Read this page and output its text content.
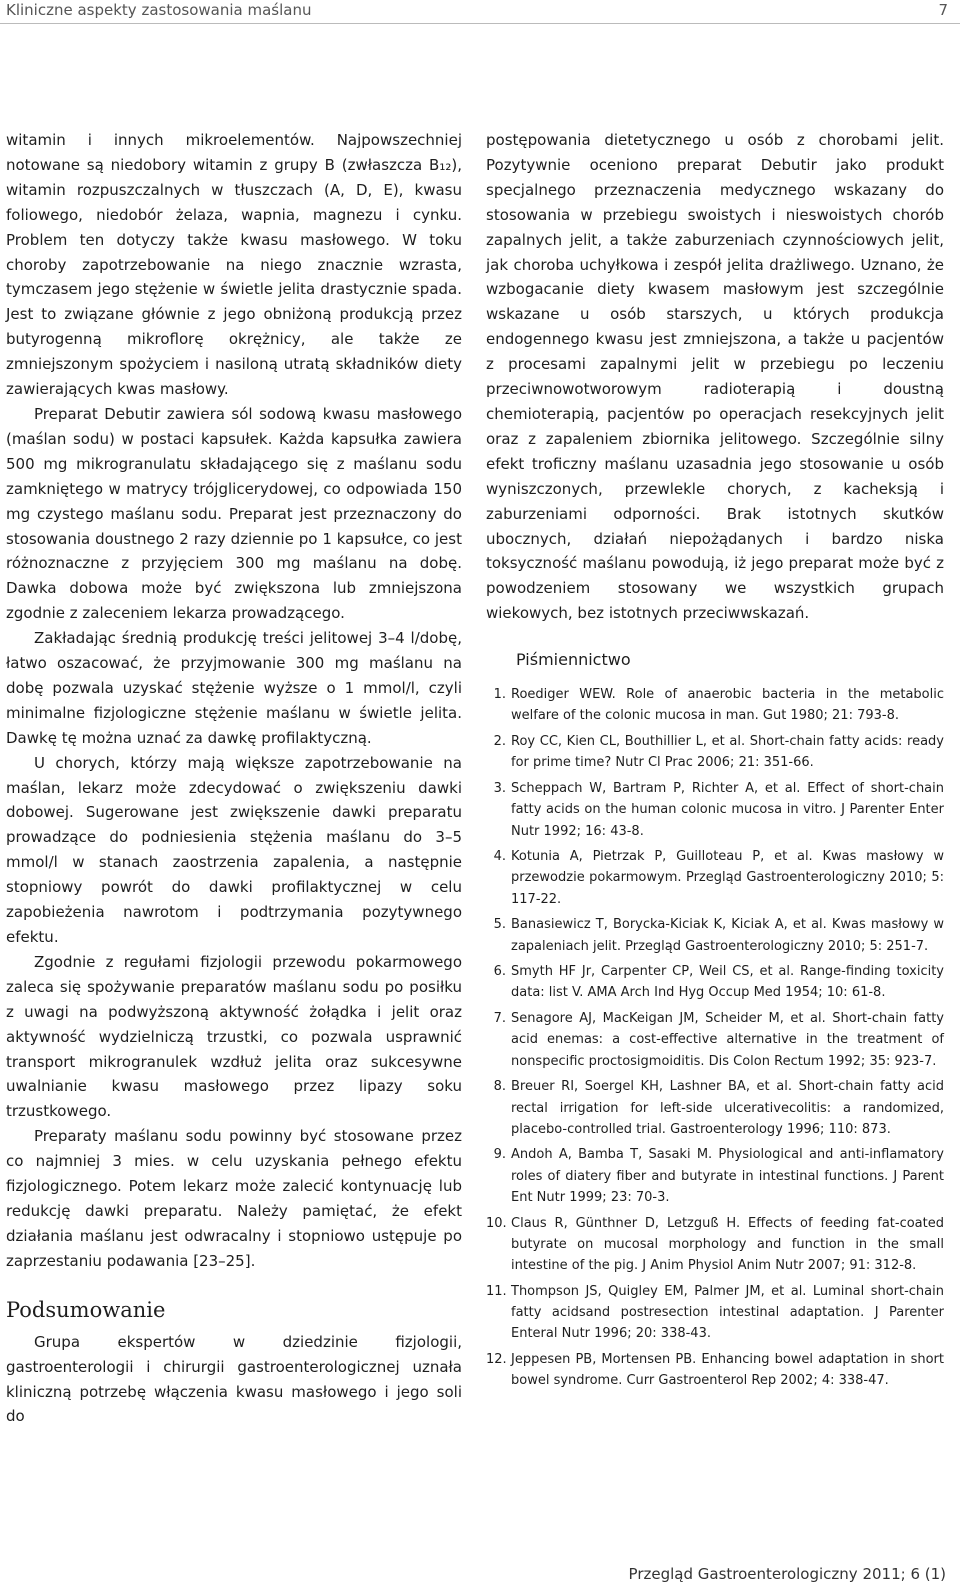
Kliniczne aspekty zastosowania maślanu	7

witamin i innych mikroelementów. Najpowszechniej notowane są niedobory witamin z grupy B (zwłaszcza B₁₂), witamin rozpuszczalnych w tłuszczach (A, D, E), kwasu foliowego, niedobór żelaza, wapnia, magnezu i cynku. Problem ten dotyczy także kwasu masłowego. W toku choroby zapotrzebowanie na niego znacznie wzrasta, tymczasem jego stężenie w świetle jelita drastycznie spada. Jest to związane głównie z jego obniżoną produkcją przez butyrogenną mikroflorę okrężnicy, ale także ze zmniejszonym spożyciem i nasiloną utratą składników diety zawierających kwas masłowy.

Preparat Debutir zawiera sól sodową kwasu masłowego (maślan sodu) w postaci kapsułek. Każda kapsułka zawiera 500 mg mikrogranulatu składającego się z maślanu sodu zamkniętego w matrycy trójglicerydowej, co odpowiada 150 mg czystego maślanu sodu. Preparat jest przeznaczony do stosowania doustnego 2 razy dziennie po 1 kapsułce, co jest różnoznaczne z przyjęciem 300 mg maślanu na dobę. Dawka dobowa może być zwiększona lub zmniejszona zgodnie z zaleceniem lekarza prowadzącego.

Zakładając średnią produkcję treści jelitowej 3–4 l/dobę, łatwo oszacować, że przyjmowanie 300 mg maślanu na dobę pozwala uzyskać stężenie wyższe o 1 mmol/l, czyli minimalne fizjologiczne stężenie maślanu w świetle jelita. Dawkę tę można uznać za dawkę profilaktyczną.

U chorych, którzy mają większe zapotrzebowanie na maślan, lekarz może zdecydować o zwiększeniu dawki dobowej. Sugerowane jest zwiększenie dawki preparatu prowadzące do podniesienia stężenia maślanu do 3–5 mmol/l w stanach zaostrzenia zapalenia, a następnie stopniowy powrót do dawki profilaktycznej w celu zapobieżenia nawrotom i podtrzymania pozytywnego efektu.

Zgodnie z regułami fizjologii przewodu pokarmowego zaleca się spożywanie preparatów maślanu sodu po posiłku z uwagi na podwyższoną aktywność żołądka i jelit oraz aktywność wydzielniczą trzustki, co pozwala usprawnić transport mikrogranulek wzdłuż jelita oraz sukcesywne uwalnianie kwasu masłowego przez lipazy soku trzustkowego.

Preparaty maślanu sodu powinny być stosowane przez co najmniej 3 mies. w celu uzyskania pełnego efektu fizjologicznego. Potem lekarz może zalecić kontynuację lub redukcję dawki preparatu. Należy pamiętać, że efekt działania maślanu jest odwracalny i stopniowo ustępuje po zaprzestaniu podawania [23–25].

Podsumowanie

Grupa ekspertów w dziedzinie fizjologii, gastroenterologii i chirurgii gastroenterologicznej uznała kliniczną potrzebę włączenia kwasu masłowego i jego soli do

postępowania dietetycznego u osób z chorobami jelit. Pozytywnie oceniono preparat Debutir jako produkt specjalnego przeznaczenia medycznego wskazany do stosowania w przebiegu swoistych i nieswoistych chorób zapalnych jelit, a także zaburzeniach czynnościowych jelit, jak choroba uchyłkowa i zespół jelita drażliwego. Uznano, że wzbogacanie diety kwasem masłowym jest szczególnie wskazane u osób starszych, u których produkcja endogennego kwasu jest zmniejszona, a także u pacjentów z procesami zapalnymi jelit w przebiegu po leczeniu przeciwnowotworowym radioterapią i doustną chemioterapią, pacjentów po operacjach resekcyjnych jelit oraz z zapaleniem zbiornika jelitowego. Szczególnie silny efekt troficzny maślanu uzasadnia jego stosowanie u osób wyniszczonych, przewlekle chorych, z kacheksją i zaburzeniami odporności. Brak istotnych skutków ubocznych, działań niepożądanych i bardzo niska toksyczność maślanu powodują, iż jego preparat może być z powodzeniem stosowany we wszystkich grupach wiekowych, bez istotnych przeciwwskazań.

Piśmiennictwo
1. Roediger WEW. Role of anaerobic bacteria in the metabolic welfare of the colonic mucosa in man. Gut 1980; 21: 793-8.
2. Roy CC, Kien CL, Bouthillier L, et al. Short-chain fatty acids: ready for prime time? Nutr Cl Prac 2006; 21: 351-66.
3. Scheppach W, Bartram P, Richter A, et al. Effect of short-chain fatty acids on the human colonic mucosa in vitro. J Parenter Enter Nutr 1992; 16: 43-8.
4. Kotunia A, Pietrzak P, Guilloteau P, et al. Kwas masłowy w przewodzie pokarmowym. Przegląd Gastroenterologiczny 2010; 5: 117-22.
5. Banasiewicz T, Borycka-Kiciak K, Kiciak A, et al. Kwas masłowy w zapaleniach jelit. Przegląd Gastroenterologiczny 2010; 5: 251-7.
6. Smyth HF Jr, Carpenter CP, Weil CS, et al. Range-finding toxicity data: list V. AMA Arch Ind Hyg Occup Med 1954; 10: 61-8.
7. Senagore AJ, MacKeigan JM, Scheider M, et al. Short-chain fatty acid enemas: a cost-effective alternative in the treatment of nonspecific proctosigmoiditis. Dis Colon Rectum 1992; 35: 923-7.
8. Breuer RI, Soergel KH, Lashner BA, et al. Short-chain fatty acid rectal irrigation for left-side ulcerativecolitis: a randomized, placebo-controlled trial. Gastroenterology 1996; 110: 873.
9. Andoh A, Bamba T, Sasaki M. Physiological and anti-inflamatory roles of diatery fiber and butyrate in intestinal functions. J Parent Ent Nutr 1999; 23: 70-3.
10. Claus R, Günthner D, Letzguß H. Effects of feeding fat-coated butyrate on mucosal morphology and function in the small intestine of the pig. J Anim Physiol Anim Nutr 2007; 91: 312-8.
11. Thompson JS, Quigley EM, Palmer JM, et al. Luminal short-chain fatty acidsand postresection intestinal adaptation. J Parenter Enteral Nutr 1996; 20: 338-43.
12. Jeppesen PB, Mortensen PB. Enhancing bowel adaptation in short bowel syndrome. Curr Gastroenterol Rep 2002; 4: 338-47.
Przegląd Gastroenterologiczny 2011; 6 (1)
